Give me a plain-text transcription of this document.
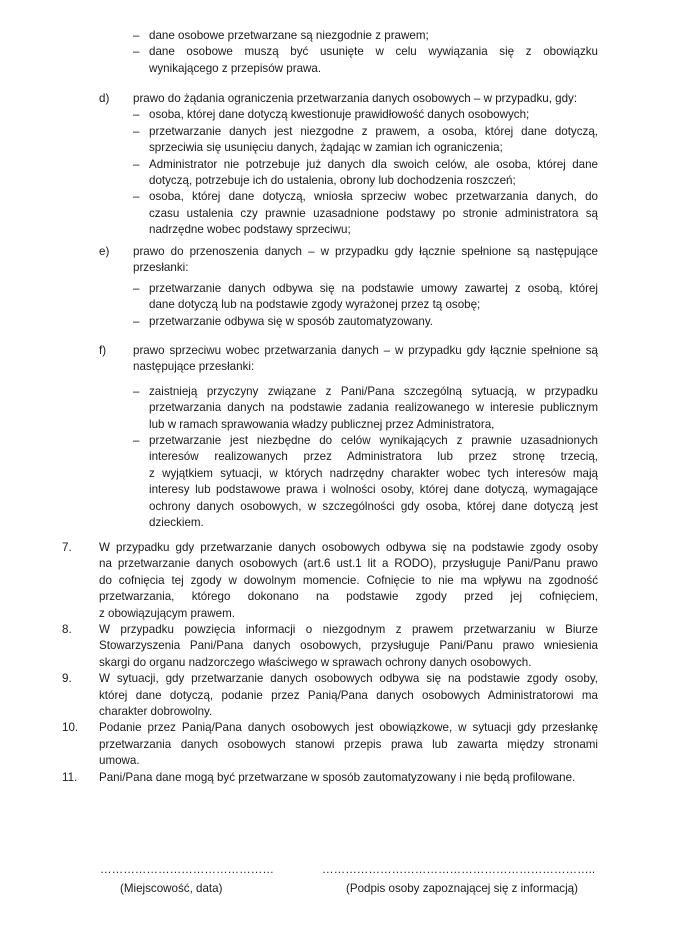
– dane osobowe przetwarzane są niezgodnie z prawem;
– dane osobowe muszą być usunięte w celu wywiązania się z obowiązku
wynikającego z przepisów prawa.
d) prawo do żądania ograniczenia przetwarzania danych osobowych – w przypadku, gdy:
– osoba, której dane dotyczą kwestionuje prawidłowość danych osobowych;
– przetwarzanie danych jest niezgodne z prawem, a osoba, której dane dotyczą,
sprzeciwia się usunięciu danych, żądając w zamian ich ograniczenia;
– Administrator nie potrzebuje już danych dla swoich celów, ale osoba, której dane
dotyczą, potrzebuje ich do ustalenia, obrony lub dochodzenia roszczeń;
– osoba, której dane dotyczą, wniosła sprzeciw wobec przetwarzania danych, do
czasu ustalenia czy prawnie uzasadnione podstawy po stronie administratora są
nadrzędne wobec podstawy sprzeciwu;
e) prawo do przenoszenia danych – w przypadku gdy łącznie spełnione są następujące
przesłanki:
– przetwarzanie danych odbywa się na podstawie umowy zawartej z osobą, której
dane dotyczą lub na podstawie zgody wyrażonej przez tą osobę;
– przetwarzanie odbywa się w sposób zautomatyzowany.
f) prawo sprzeciwu wobec przetwarzania danych – w przypadku gdy łącznie spełnione są
następujące przesłanki:
– zaistnieją przyczyny związane z Pani/Pana szczególną sytuacją, w przypadku
przetwarzania danych na podstawie zadania realizowanego w interesie publicznym
lub w ramach sprawowania władzy publicznej przez Administratora,
– przetwarzanie jest niezbędne do celów wynikających z prawnie uzasadnionych
interesów realizowanych przez Administratora lub przez stronę trzecią,
z wyjątkiem sytuacji, w których nadrzędny charakter wobec tych interesów mają
interesy lub podstawowe prawa i wolności osoby, której dane dotyczą, wymagające
ochrony danych osobowych, w szczególności gdy osoba, której dane dotyczą jest
dzieckiem.
7. W przypadku gdy przetwarzanie danych osobowych odbywa się na podstawie zgody osoby
na przetwarzanie danych osobowych (art.6 ust.1 lit a RODO), przysługuje Pani/Panu prawo
do cofnięcia tej zgody w dowolnym momencie. Cofnięcie to nie ma wpływu na zgodność
przetwarzania, którego dokonano na podstawie zgody przed jej cofnięciem,
z obowiązującym prawem.
8. W przypadku powzięcia informacji o niezgodnym z prawem przetwarzaniu w Biurze
Stowarzyszenia Pani/Pana danych osobowych, przysługuje Pani/Panu prawo wniesienia
skargi do organu nadzorczego właściwego w sprawach ochrony danych osobowych.
9. W sytuacji, gdy przetwarzanie danych osobowych odbywa się na podstawie zgody osoby,
której dane dotyczą, podanie przez Panią/Pana danych osobowych Administratorowi ma
charakter dobrowolny.
10. Podanie przez Panią/Pana danych osobowych jest obowiązkowe, w sytuacji gdy przesłankę
przetwarzania danych osobowych stanowi przepis prawa lub zawarta między stronami
umowa.
11. Pani/Pana dane mogą być przetwarzane w sposób zautomatyzowany i nie będą profilowane.
………………………………………	……………………………………………………………..
(Miejscowość, data)	(Podpis osoby zapoznającej się z informacją)
